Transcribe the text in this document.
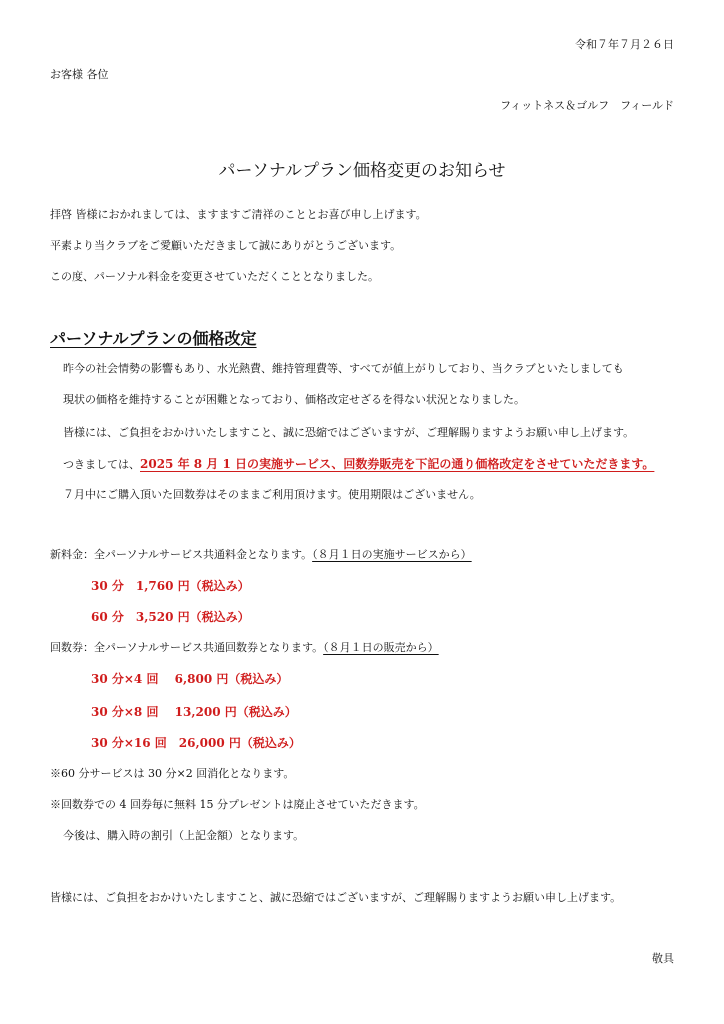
令和７年７月２６日
お客様 各位
フィットネス＆ゴルフ　フィールド
パーソナルプラン価格変更のお知らせ
拝啓 皆様におかれましては、ますますご清祥のこととお喜び申し上げます。
平素より当クラブをご愛顧いただきまして誠にありがとうございます。
この度、パーソナル料金を変更させていただくこととなりました。
パーソナルプランの価格改定
昨今の社会情勢の影響もあり、水光熱費、維持管理費等、すべてが値上がりしており、当クラブといたしましても
現状の価格を維持することが困難となっており、価格改定せざるを得ない状況となりました。
皆様には、ご負担をおかけいたしますこと、誠に恐縮ではございますが、ご理解賜りますようお願い申し上げます。
つきましては、2025 年 8 月 1 日の実施サービス、回数券販売を下記の通り価格改定をさせていただきます。
７月中にご購入頂いた回数券はそのままご利用頂けます。使用期限はございません。
新料金：全パーソナルサービス共通料金となります。（８月１日の実施サービスから）
30 分　1,760 円（税込み）
60 分　3,520 円（税込み）
回数券：全パーソナルサービス共通回数券となります。（８月１日の販売から）
30 分×4 回　 6,800 円（税込み）
30 分×8 回　 13,200 円（税込み）
30 分×16 回　26,000 円（税込み）
※60 分サービスは 30 分×2 回消化となります。
※回数券での 4 回券毎に無料 15 分プレゼントは廃止させていただきます。
今後は、購入時の割引（上記金額）となります。
皆様には、ご負担をおかけいたしますこと、誠に恐縮ではございますが、ご理解賜りますようお願い申し上げます。
敬具
